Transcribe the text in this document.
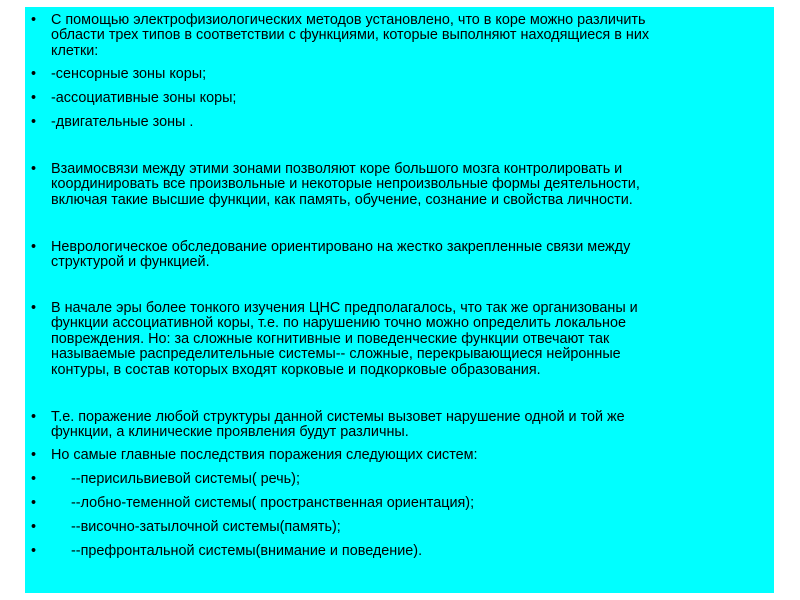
•	С помощью электрофизиологических методов установлено, что в коре можно различить
области трех типов в соответствии с функциями, которые выполняют находящиеся в них
клетки:
•	-сенсорные зоны коры;
•	-ассоциативные зоны коры;
•	-двигательные зоны .
•	Взаимосвязи между этими зонами позволяют коре большого мозга контролировать и
координировать все произвольные и некоторые непроизвольные формы деятельности,
включая такие высшие функции, как память, обучение, сознание и свойства личности.
•	Неврологическое обследование ориентировано на жестко закрепленные связи между
структурой и функцией.
•	В начале эры более тонкого изучения ЦНС предполагалось, что так же организованы и
функции ассоциативной коры, т.е. по нарушению точно можно определить локальное
повреждения. Но: за сложные когнитивные и поведенческие функции отвечают так
называемые распределительные системы-- сложные, перекрывающиеся нейронные
контуры, в состав которых входят корковые и подкорковые образования.
•	Т.е. поражение любой структуры данной системы вызовет нарушение одной и той же
функции, а клинические проявления будут различны.
•	Но самые главные последствия поражения следующих систем:
•	--перисильвиевой системы( речь);
•	--лобно-теменной системы( пространственная ориентация);
•	--височно-затылочной системы(память);
•	--префронтальной системы(внимание и поведение).
